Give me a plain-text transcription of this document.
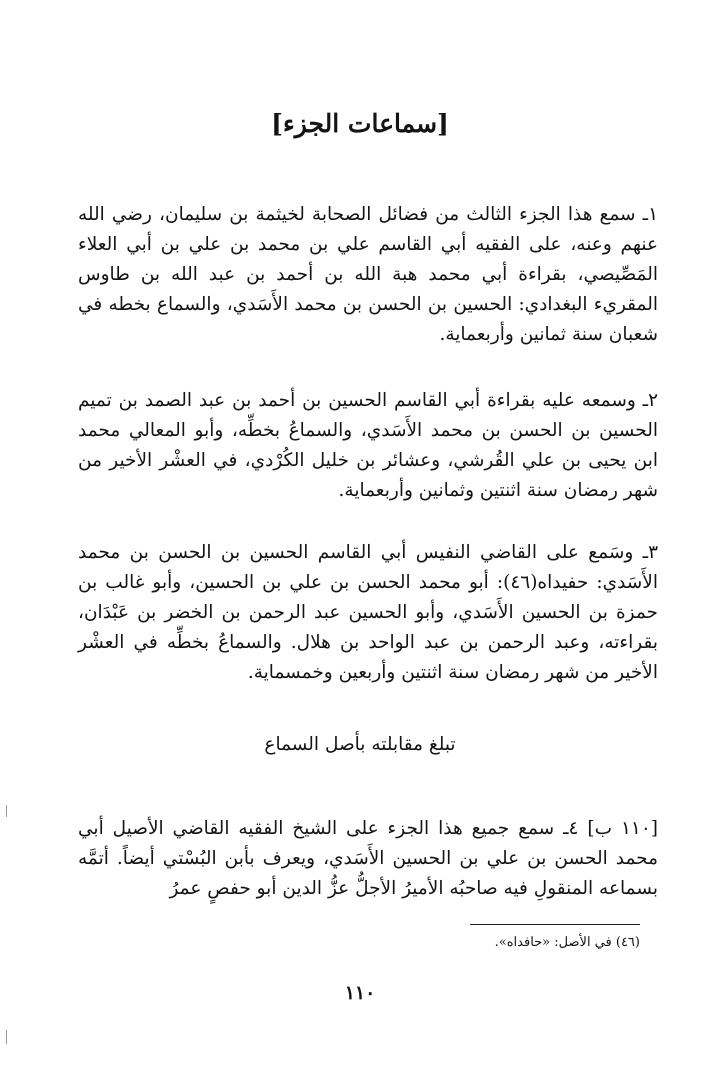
[سماعات الجزء]

١ـ سمع هذا الجزء الثالث من فضائل الصحابة لخيثمة بن سليمان، رضي الله عنهم وعنه، على الفقيه أبي القاسم علي بن محمد بن علي بن أبي العلاء المَصِّيصي، بقراءة أبي محمد هبة الله بن أحمد بن عبد الله بن طاوس المقريء البغدادي: الحسين بن الحسن بن محمد الأَسَدي، والسماع بخطه في شعبان سنة ثمانين وأربعماية.

٢ـ وسمعه عليه بقراءة أبي القاسم الحسين بن أحمد بن عبد الصمد بن تميم الحسين بن الحسن بن محمد الأَسَدي، والسماعُ بخطِّه، وأبو المعالي محمد ابن يحيى بن علي القُرشي، وعشائر بن خليل الكُرْدي، في العشْر الأخير من شهر رمضان سنة اثنتين وثمانين وأربعماية.

٣ـ وسَمع على القاضي النفيس أبي القاسم الحسين بن الحسن بن محمد الأَسَدي: حفيداه(٤٦): أبو محمد الحسن بن علي بن الحسين، وأبو غالب بن حمزة بن الحسين الأَسَدي، وأبو الحسين عبد الرحمن بن الخضر بن عَبْدَان، بقراءته، وعبد الرحمن بن عبد الواحد بن هلال. والسماعُ بخطِّه في العشْر الأخير من شهر رمضان سنة اثنتين وأربعين وخمسماية.

تبلغ مقابلته بأصل السماع

[١١٠ ب] ٤ـ سمع جميع هذا الجزء على الشيخ الفقيه القاضي الأصيل أبي محمد الحسن بن علي بن الحسين الأَسَدي، ويعرف بأبن البُسْتي أيضاً. أتمَّه بسماعه المنقولِ فيه صاحبُه الأميرُ الأجلُّ عزُّ الدين أبو حفصٍ عمرُ

(٤٦) في الأصل: «حافداه».

١١٠
